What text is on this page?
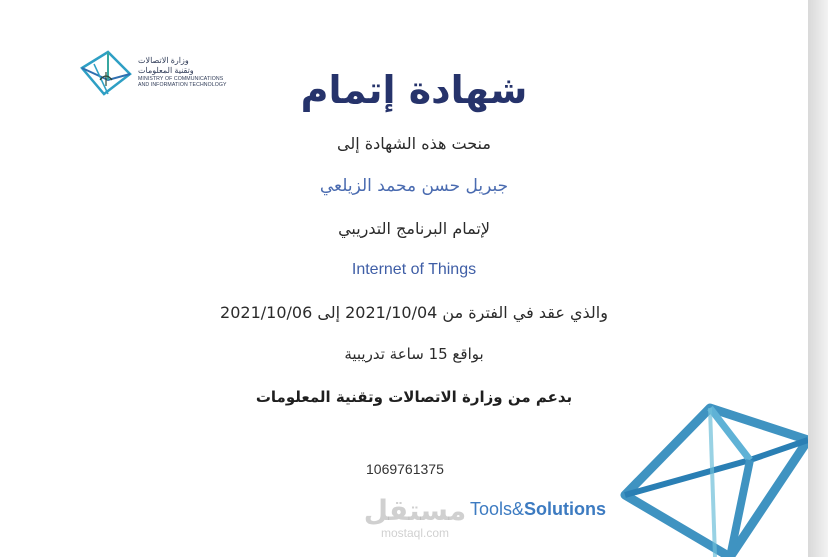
وزارة الاتصالات
وتقنية المعلومات
MINISTRY OF COMMUNICATIONS
AND INFORMATION TECHNOLOGY	شهادة إتمام
منحت هذه الشهادة إلى
جبريل حسن محمد الزيلعي
لإتمام البرنامج التدريبي
Internet of Things
والذي عقد في الفترة من 2021/10/04 إلى 2021/10/06
بواقع 15 ساعة تدريبية
بدعم من وزارة الاتصالات وتقنية المعلومات
1069761375
مستقل
mostaql.com
Tools&Solutions
